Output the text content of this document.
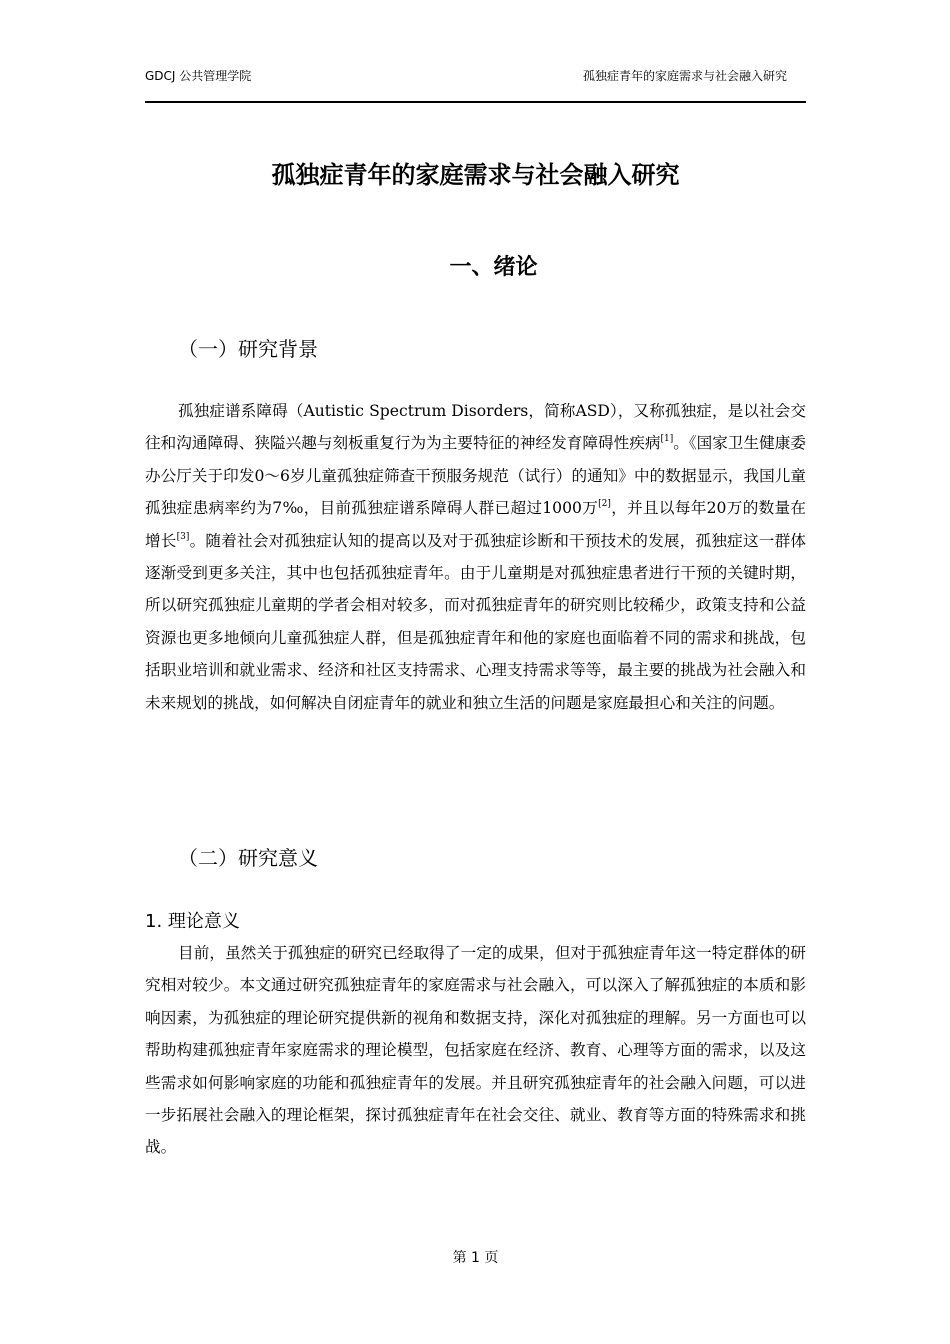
GDCJ 公共管理学院	孤独症青年的家庭需求与社会融入研究
孤独症青年的家庭需求与社会融入研究
一、绪论
（一）研究背景

孤独症谱系障碍（Autistic Spectrum Disorders，简称ASD），又称孤独症，是以社会交往和沟通障碍、狭隘兴趣与刻板重复行为为主要特征的神经发育障碍性疾病[1]。《国家卫生健康委办公厅关于印发0～6岁儿童孤独症筛查干预服务规范（试行）的通知》中的数据显示，我国儿童孤独症患病率约为7‰，目前孤独症谱系障碍人群已超过1000万[2]，并且以每年20万的数量在增长[3]。随着社会对孤独症认知的提高以及对于孤独症诊断和干预技术的发展，孤独症这一群体逐渐受到更多关注，其中也包括孤独症青年。由于儿童期是对孤独症患者进行干预的关键时期，所以研究孤独症儿童期的学者会相对较多，而对孤独症青年的研究则比较稀少，政策支持和公益资源也更多地倾向儿童孤独症人群，但是孤独症青年和他的家庭也面临着不同的需求和挑战，包括职业培训和就业需求、经济和社区支持需求、心理支持需求等等，最主要的挑战为社会融入和未来规划的挑战，如何解决自闭症青年的就业和独立生活的问题是家庭最担心和关注的问题。

（二）研究意义
1. 理论意义

目前，虽然关于孤独症的研究已经取得了一定的成果，但对于孤独症青年这一特定群体的研究相对较少。本文通过研究孤独症青年的家庭需求与社会融入，可以深入了解孤独症的本质和影响因素，为孤独症的理论研究提供新的视角和数据支持，深化对孤独症的理解。另一方面也可以帮助构建孤独症青年家庭需求的理论模型，包括家庭在经济、教育、心理等方面的需求，以及这些需求如何影响家庭的功能和孤独症青年的发展。并且研究孤独症青年的社会融入问题，可以进一步拓展社会融入的理论框架，探讨孤独症青年在社会交往、就业、教育等方面的特殊需求和挑战。

第 1 页
